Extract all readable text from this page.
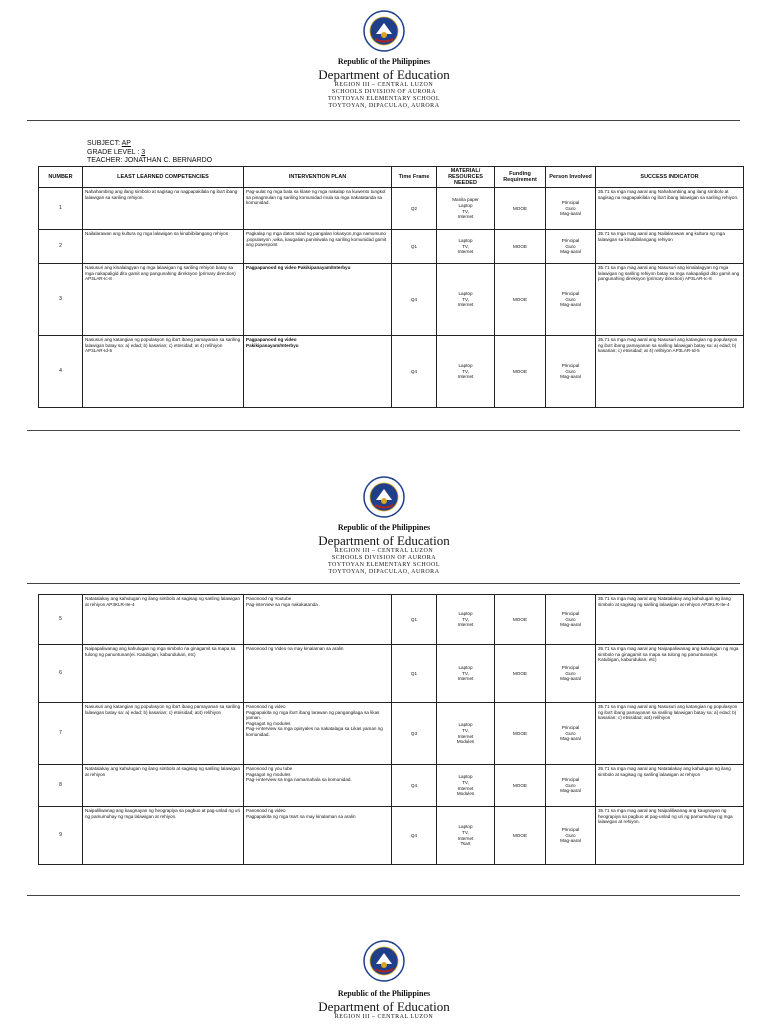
Republic of the Philippines
Department of Education
REGION III – CENTRAL LUZON
SCHOOLS DIVISION OF AURORA
TOYTOYAN ELEMENTARY SCHOOL
TOYTOYAN, DIPACULAO, AURORA
SUBJECT: AP
GRADE LEVEL : 3
TEACHER: JONATHAN C. BERNARDO
NUMBER	LEAST LEARNED COMPETENCIES	INTERVENTION PLAN	Time Frame	MATERIAL/ RESOURCES NEEDED	Funding Requirement	Person Involved	SUCCESS INDICATOR
1	Nahahambing ang ilang simbolo at sagisag na nagpapakilala ng iba't ibang lalawigan sa sariling rehiyon.	Pag-uulat ng mga bata sa klase ng mga nakalap na kuwento tungkol sa pinagmulan ng sariling komunidad mula sa mga nakatatanda sa komunidad.	Q2	Manila paper
Laptop
TV,
Internet	MOOE	Principal
Guro
Mag-aaral	35.71 sa mga mag aaral ang Nahahambing ang ilang simbolo at sagisag na nagpapakilala ng iba't ibang lalawigan sa sariling rehiyon.
2	Nailalarawan ang kultura ng mga lalawigan sa kinabibilangang rehiyon	Pagkalap ng mga datos tulad ng pangalan lokasyon,mga namumuno ,populasyon ,wika, kaugalian,paniniwala ng sariling komunidad gamit ang powerpoint	Q1	Laptop
TV,
Internet	MOOE	Principal
Guro
Mag-aaral	35.71 sa mga mag aaral ang Nailalarawan ang kultura ng mga lalawigan sa kinabibilangang rehiyon
3	Nasusuri ang kinalalagyan ng mga lalawigan ng sariling rehiyon batay sa mga nakapaligid dito gamit ang pangunahing direksyon (primary direction) AP3LAR-Ic-8	Pagpapanood ng video Pakikipanayam/Interbyu	Q4	Laptop
TV,
Internet	MOOE	Principal
Guro
Mag-aaral	35.71 sa mga mag aaral ang Nasusuri ang kinalalagyan ng mga lalawigan ng sariling rehiyon batay sa mga nakapaligid dito gamit ang pangunahing direksyon (primary direction) AP3LAR-Ic-8
4	Nasusuri ang katangian ng populasyon ng iba't ibang pamayanan sa sariling lalawigan batay sa: a) edad; b) kasarian; c) etnisidad; at 4) relihiyon AP3LAR-Id-5	Pagpapanood ng video
Pakikipanayam/Interbyu	Q4	Laptop
TV,
Internet	MOOE	Principal
Guro
Mag-aaral	35.71 sa mga mag aaral ang Nasusuri ang katangian ng populasyon ng iba't ibang pamayanan sa sariling lalawigan batay sa: a) edad; b) kasarian; c) etnisidad; at 4) relihiyon AP3LAR-Id-5
Republic of the Philippines
Department of Education
REGION III – CENTRAL LUZON
SCHOOLS DIVISION OF AURORA
TOYTOYAN ELEMENTARY SCHOOL
TOYTOYAN, DIPACULAO, AURORA
5	Natatalakay ang kahulugan ng ilang simbolo at sagisag ng sariling lalawigan at rehiyon AP3KLR-IIe-4	Panonood ng Youtube
Pag-interview sa mga nakakatanda .	Q1	Laptop
TV,
Internet	MOOE	Principal
Guro
Mag-aaral	35.71 sa mga mag aaral ang Natatalakay ang kahulugan ng ilang simbolo at sagisag ng sariling lalawigan at rehiyon AP3KLR-IIe-4
6	Naipapaliwanag ang kahulugan ng mga simbolo na ginagamit sa mapa sa tulong ng panuntunan(ei. Katubigan, kabundukan, etc)	Panonood ng Video na may kinalaman sa aralin	Q1	Laptop
TV,
Internet	MOOE	Principal
Guro
Mag-aaral	35.71 sa mga mag aaral ang Naipapaliwanag ang kahulugan ng mga simbolo na ginagamit sa mapa sa tulong ng panuntunan(ei. Katubigan, kabundukan, etc)
7	Nasusuri ang katangian ng populasyon ng iba't ibang pamayanan sa sariling lalawigan batay sa: a) edad; b) kasarian; c) etnisidad; at4) relihiyon	Panonood ng video
Pagpapakita ng mga iba't ibang larawan ng pangangilaga sa likas yaman.
Pagsagot ng modules
Pag-i-interview sa mga opisyales na nakatalaga sa Likas yaman ng komunidad.	Q3	Laptop
TV,
Internet
Modules	MOOE	Principal
Guro
Mag-aaral	35.71 sa mga mag aaral ang Nasusuri ang katangian ng populasyon ng iba't ibang pamayanan sa sariling lalawigan batay sa: a) edad; b) kasarian; c) etnisidad; at4) relihiyon
8	Natatalakay ang kahulugan ng ilang simbolo at sagisag ng sariling lalawigan at rehiyon	Panonood ng you tube
Pagsagot ng modules
Pag-i-interview sa mga namamahala sa komunidad.	Q4	Laptop
TV,
Internet
Modules	MOOE	Principal
Guro
Mag-aaral	35.71 sa mga mag aaral ang Natatalakay ang kahulugan ng ilang simbolo at sagisag ng sariling lalawigan at rehiyon
9	Naipaliliwanag ang kaugnayan ng heograpiya sa pagbuo at pag-unlad ng uri ng pamumuhay ng mga lalawigan at rehiyon.	Panonood ng video
Pagpapakita ng mga tsart na may kinalaman sa aralin	Q4	Laptop
TV,
Internet
Tsart	MOOE	Principal
Guro
Mag-aaral	35.71 sa mga mag aaral ang Naipaliliwanag ang kaugnayan ng heograpiya sa pagbuo at pag-unlad ng uri ng pamumuhay ng mga lalawigan at rehiyon.
Republic of the Philippines
Department of Education
REGION III – CENTRAL LUZON
